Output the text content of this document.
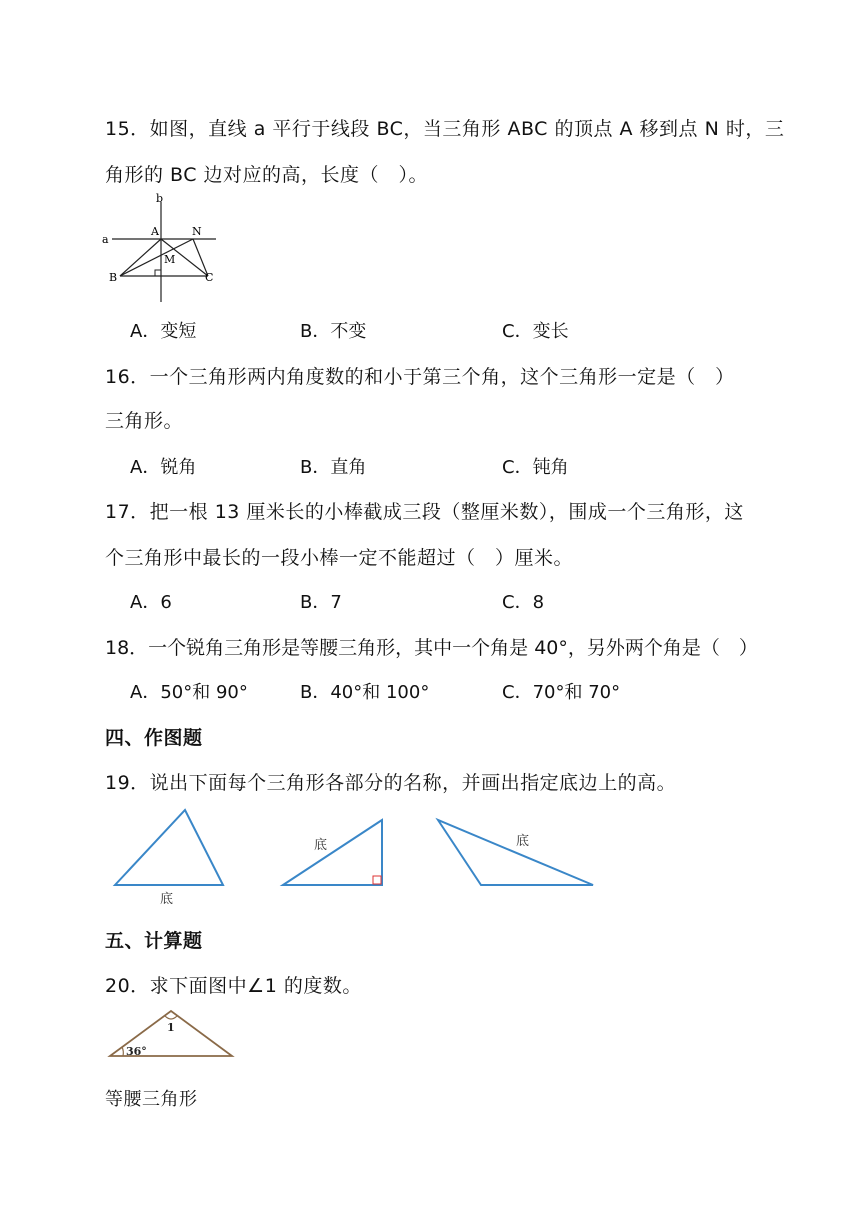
15．如图，直线 a 平行于线段 BC，当三角形 ABC 的顶点 A 移到点 N 时，三
角形的 BC 边对应的高，长度（　）。
b
a
A	N
M
B	C
A．变短	B．不变	C．变长
16．一个三角形两内角度数的和小于第三个角，这个三角形一定是（　）
三角形。
A．锐角	B．直角	C．钝角
17．把一根 13 厘米长的小棒截成三段（整厘米数），围成一个三角形，这
个三角形中最长的一段小棒一定不能超过（　）厘米。
A．6	B．7	C．8
18．一个锐角三角形是等腰三角形，其中一个角是 40°，另外两个角是（　）
A．50°和 90°	B．40°和 100°	C．70°和 70°
四、作图题
19．说出下面每个三角形各部分的名称，并画出指定底边上的高。
底
底	底
五、计算题
20．求下面图中∠1 的度数。
1
36°
等腰三角形
